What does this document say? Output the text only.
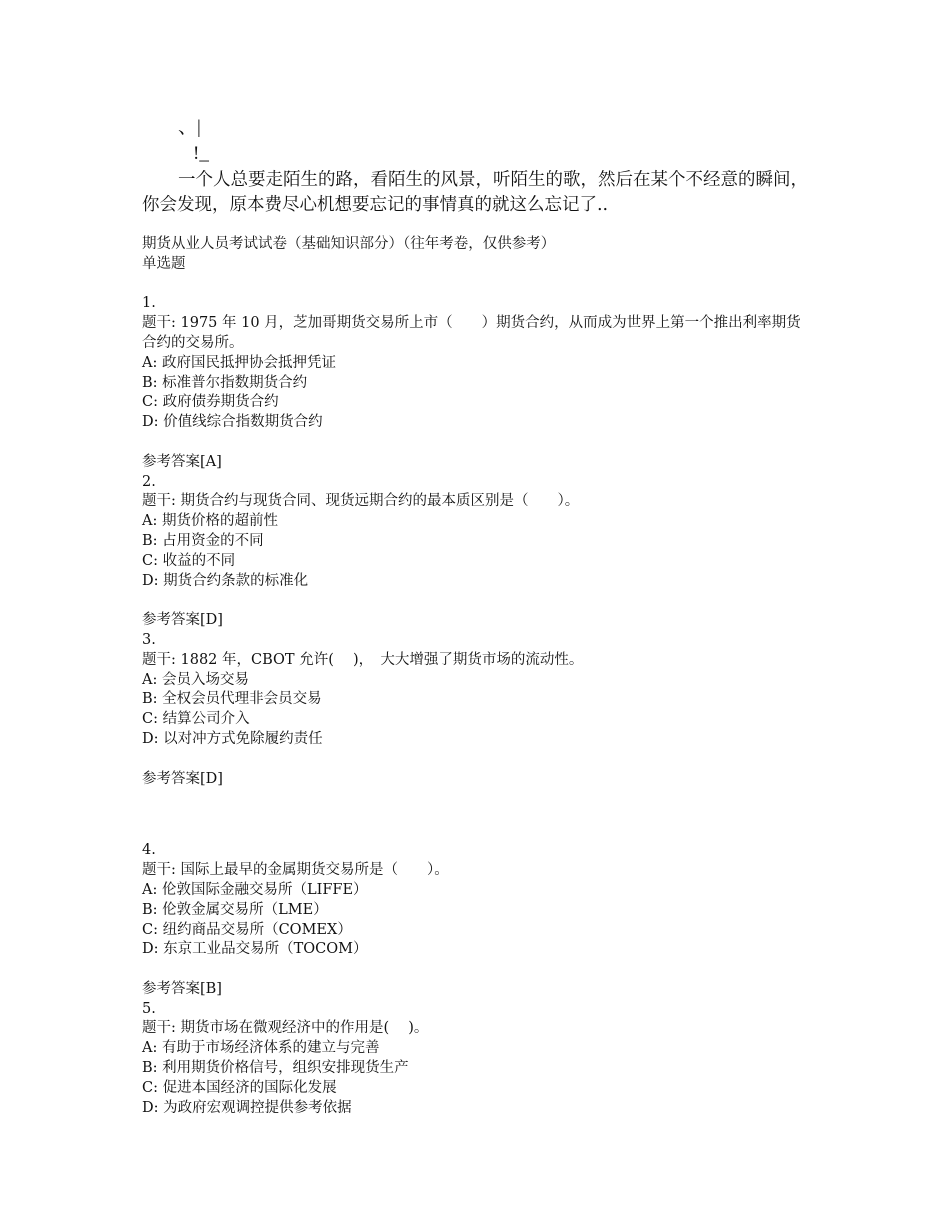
、|
!_

一个人总要走陌生的路，看陌生的风景，听陌生的歌，然后在某个不经意的瞬间，你会发现，原本费尽心机想要忘记的事情真的就这么忘记了..

期货从业人员考试试卷（基础知识部分）（往年考卷，仅供参考）

单选题

1.

题干: 1975 年 10 月，芝加哥期货交易所上市（　　）期货合约，从而成为世界上第一个推出利率期货合约的交易所。

A: 政府国民抵押协会抵押凭证

B: 标准普尔指数期货合约

C: 政府债券期货合约

D: 价值线综合指数期货合约

参考答案[A]

2.

题干: 期货合约与现货合同、现货远期合约的最本质区别是（　　）。

A: 期货价格的超前性

B: 占用资金的不同

C: 收益的不同

D: 期货合约条款的标准化

参考答案[D]

3.

题干: 1882 年，CBOT 允许(　 )，　大大增强了期货市场的流动性。

A: 会员入场交易

B: 全权会员代理非会员交易

C: 结算公司介入

D: 以对冲方式免除履约责任

参考答案[D]

4.

题干: 国际上最早的金属期货交易所是（　　）。

A: 伦敦国际金融交易所（LIFFE）

B: 伦敦金属交易所（LME）

C: 纽约商品交易所（COMEX）

D: 东京工业品交易所（TOCOM）

参考答案[B]

5.

题干: 期货市场在微观经济中的作用是(　 )。

A: 有助于市场经济体系的建立与完善

B: 利用期货价格信号，组织安排现货生产

C: 促进本国经济的国际化发展

D: 为政府宏观调控提供参考依据
